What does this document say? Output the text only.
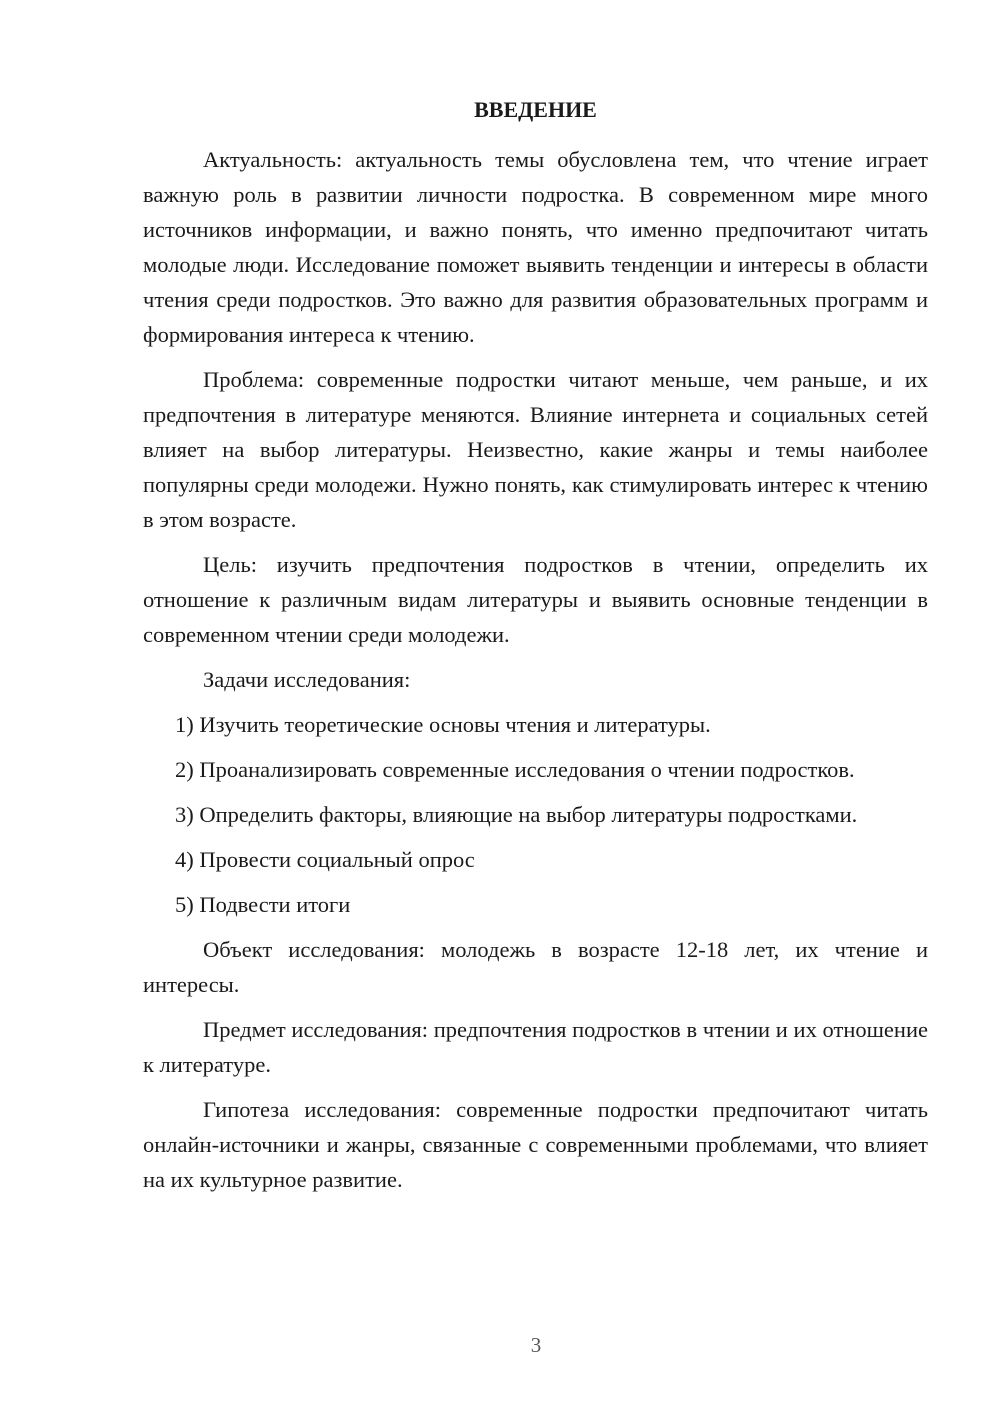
ВВЕДЕНИЕ

Актуальность: актуальность темы обусловлена тем, что чтение играет важную роль в развитии личности подростка. В современном мире много источников информации, и важно понять, что именно предпочитают читать молодые люди. Исследование поможет выявить тенденции и интересы в области чтения среди подростков. Это важно для развития образовательных программ и формирования интереса к чтению.

Проблема: современные подростки читают меньше, чем раньше, и их предпочтения в литературе меняются. Влияние интернета и социальных сетей влияет на выбор литературы. Неизвестно, какие жанры и темы наиболее популярны среди молодежи. Нужно понять, как стимулировать интерес к чтению в этом возрасте.

Цель: изучить предпочтения подростков в чтении, определить их отношение к различным видам литературы и выявить основные тенденции в современном чтении среди молодежи.

Задачи исследования:

1) Изучить теоретические основы чтения и литературы.

2) Проанализировать современные исследования о чтении подростков.

3) Определить факторы, влияющие на выбор литературы подростками.

4) Провести социальный опрос

5) Подвести итоги

Объект исследования: молодежь в возрасте 12-18 лет, их чтение и интересы.

Предмет исследования: предпочтения подростков в чтении и их отношение к литературе.

Гипотеза исследования: современные подростки предпочитают читать онлайн-источники и жанры, связанные с современными проблемами, что влияет на их культурное развитие.

3
